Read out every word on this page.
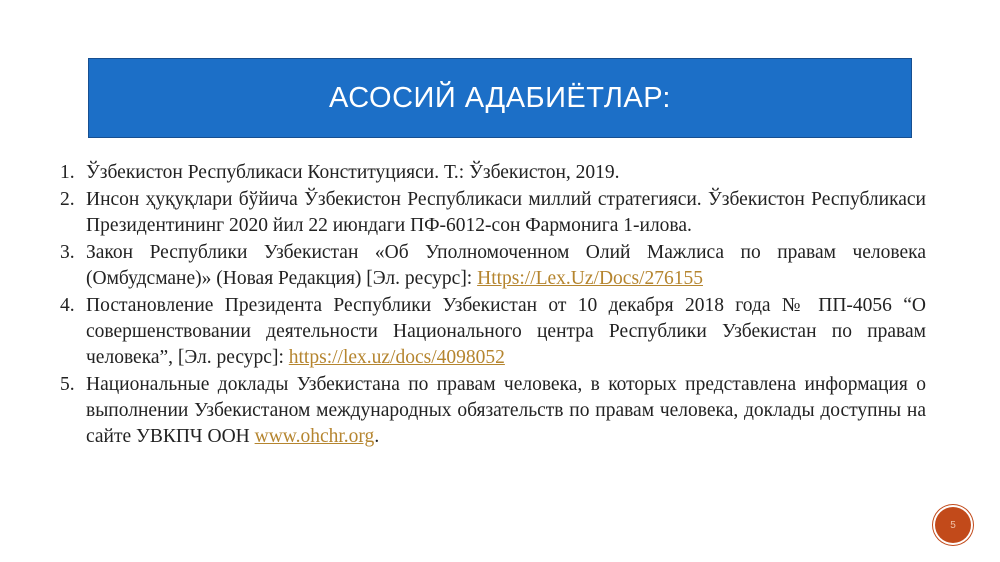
АСОСИЙ АДАБИЁТЛАР:
1. Ўзбекистон Республикаси Конституцияси. Т.: Ўзбекистон, 2019.
2. Инсон ҳуқуқлари бўйича Ўзбекистон Республикаси миллий стратегияси. Ўзбекистон Республикаси Президентининг 2020 йил 22 июндаги ПФ-6012-сон Фармонига 1-илова.
3. Закон Республики Узбекистан «Об Уполномоченном Олий Мажлиса по правам человека (Омбудсмане)» (Новая Редакция) [Эл. ресурс]: Https://Lex.Uz/Docs/276155
4. Постановление Президента Республики Узбекистан от 10 декабря 2018 года № ПП-4056 “О совершенствовании деятельности Национального центра Республики Узбекистан по правам человека”, [Эл. ресурс]: https://lex.uz/docs/4098052
5. Национальные доклады Узбекистана по правам человека, в которых представлена информация о выполнении Узбекистаном международных обязательств по правам человека, доклады доступны на сайте УВКПЧ ООН www.ohchr.org.
5
